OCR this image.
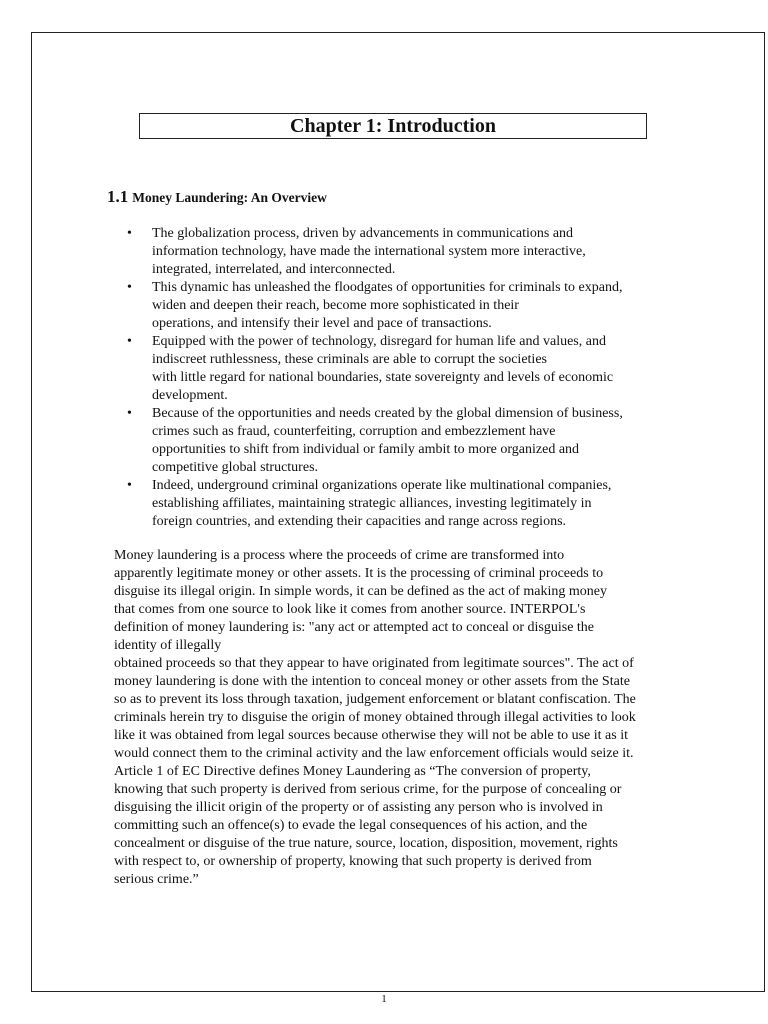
Chapter 1: Introduction
1.1 Money Laundering: An Overview
• The globalization process, driven by advancements in communications and
information technology, have made the international system more interactive,
integrated, interrelated, and interconnected.
• This dynamic has unleashed the floodgates of opportunities for criminals to expand,
widen and deepen their reach, become more sophisticated in their
operations, and intensify their level and pace of transactions.
• Equipped with the power of technology, disregard for human life and values, and
indiscreet ruthlessness, these criminals are able to corrupt the societies
with little regard for national boundaries, state sovereignty and levels of economic
development.
• Because of the opportunities and needs created by the global dimension of business,
crimes such as fraud, counterfeiting, corruption and embezzlement have
opportunities to shift from individual or family ambit to more organized and
competitive global structures.
• Indeed, underground criminal organizations operate like multinational companies,
establishing affiliates, maintaining strategic alliances, investing legitimately in
foreign countries, and extending their capacities and range across regions.
Money laundering is a process where the proceeds of crime are transformed into
apparently legitimate money or other assets. It is the processing of criminal proceeds to
disguise its illegal origin. In simple words, it can be defined as the act of making money
that comes from one source to look like it comes from another source. INTERPOL's
definition of money laundering is: "any act or attempted act to conceal or disguise the
identity of illegally
obtained proceeds so that they appear to have originated from legitimate sources". The act of
money laundering is done with the intention to conceal money or other assets from the State
so as to prevent its loss through taxation, judgement enforcement or blatant confiscation. The
criminals herein try to disguise the origin of money obtained through illegal activities to look
like it was obtained from legal sources because otherwise they will not be able to use it as it
would connect them to the criminal activity and the law enforcement officials would seize it.
Article 1 of EC Directive defines Money Laundering as “The conversion of property,
knowing that such property is derived from serious crime, for the purpose of concealing or
disguising the illicit origin of the property or of assisting any person who is involved in
committing such an offence(s) to evade the legal consequences of his action, and the
concealment or disguise of the true nature, source, location, disposition, movement, rights
with respect to, or ownership of property, knowing that such property is derived from
serious crime.”
1
